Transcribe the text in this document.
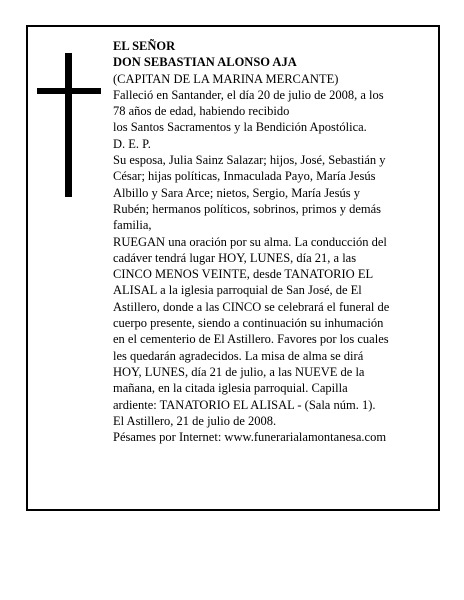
EL SEÑOR
DON SEBASTIAN ALONSO AJA
(CAPITAN DE LA MARINA MERCANTE)
Falleció en Santander, el día 20 de julio de 2008, a los
78 años de edad, habiendo recibido
los Santos Sacramentos y la Bendición Apostólica.
D. E. P.
Su esposa, Julia Sainz Salazar; hijos, José, Sebastián y
César; hijas políticas, Inmaculada Payo, María Jesús
Albillo y Sara Arce; nietos, Sergio, María Jesús y
Rubén; hermanos políticos, sobrinos, primos y demás
familia,
RUEGAN una oración por su alma. La conducción del
cadáver tendrá lugar HOY, LUNES, día 21, a las
CINCO MENOS VEINTE, desde TANATORIO EL
ALISAL a la iglesia parroquial de San José, de El
Astillero, donde a las CINCO se celebrará el funeral de
cuerpo presente, siendo a continuación su inhumación
en el cementerio de El Astillero. Favores por los cuales
les quedarán agradecidos. La misa de alma se dirá
HOY, LUNES, día 21 de julio, a las NUEVE de la
mañana, en la citada iglesia parroquial. Capilla
ardiente: TANATORIO EL ALISAL - (Sala núm. 1).
El Astillero, 21 de julio de 2008.
Pésames por Internet: www.funerarialamontanesa.com
